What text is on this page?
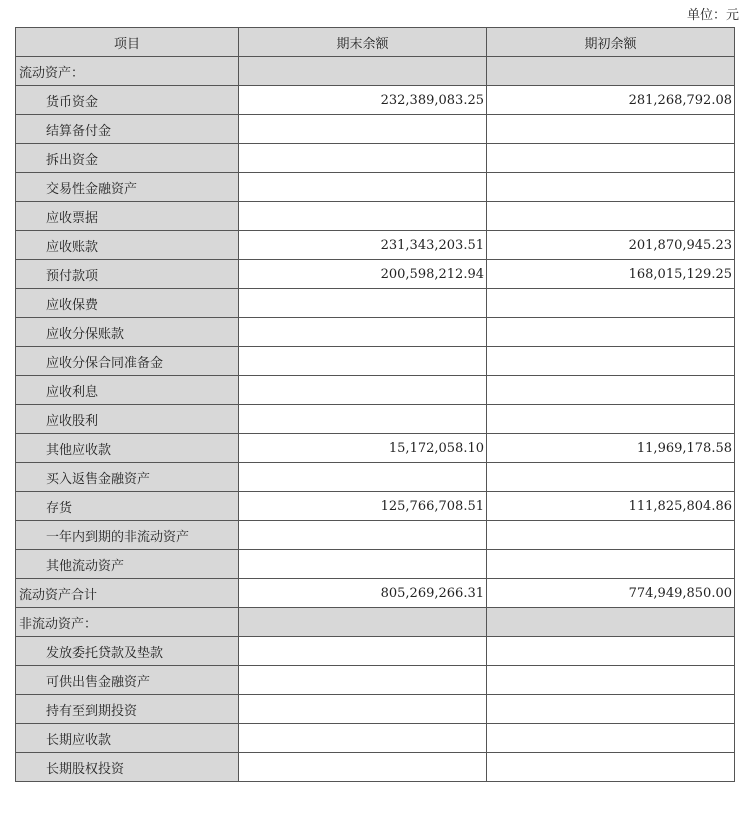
单位：元
项目	期末余额	期初余额
流动资产：		
货币资金	232,389,083.25	281,268,792.08
结算备付金		
拆出资金		
交易性金融资产		
应收票据		
应收账款	231,343,203.51	201,870,945.23
预付款项	200,598,212.94	168,015,129.25
应收保费		
应收分保账款		
应收分保合同准备金		
应收利息		
应收股利		
其他应收款	15,172,058.10	11,969,178.58
买入返售金融资产		
存货	125,766,708.51	111,825,804.86
一年内到期的非流动资产		
其他流动资产		
流动资产合计	805,269,266.31	774,949,850.00
非流动资产：		
发放委托贷款及垫款		
可供出售金融资产		
持有至到期投资		
长期应收款		
长期股权投资		
